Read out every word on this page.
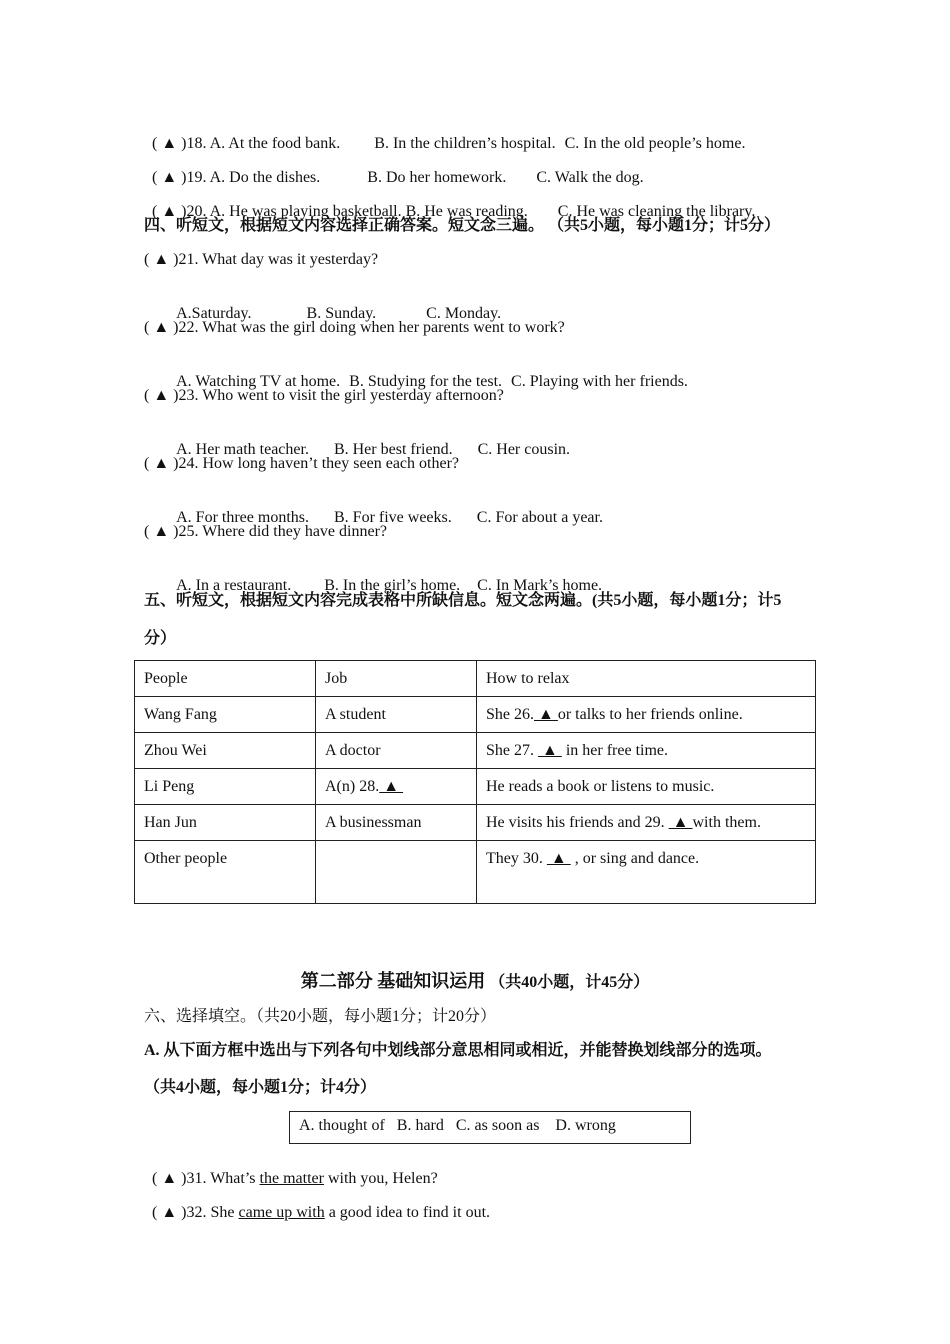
( ▲ )18. A. At the food bank. B. In the children’s hospital. C. In the old people’s home.

( ▲ )19. A. Do the dishes.	B. Do her homework. C. Walk the dog.

( ▲ )20. A. He was playing basketball. B. He was reading. C. He was cleaning the library.

四、听短文，根据短文内容选择正确答案。短文念三遍。 （共5小题，每小题1分；计5分）
( ▲ )21. What day was it yesterday?

A.Saturday.	B. Sunday.	C. Monday.

( ▲ )22. What was the girl doing when her parents went to work?

A. Watching TV at home. B. Studying for the test. C. Playing with her friends.

( ▲ )23. Who went to visit the girl yesterday afternoon?

A. Her math teacher. B. Her best friend. C. Her cousin.

( ▲ )24. How long haven’t they seen each other?

A. For three months. B. For five weeks. C. For about a year.

( ▲ )25. Where did they have dinner?

A. In a restaurant. B. In the girl’s home. C. In Mark’s home.

五、听短文，根据短文内容完成表格中所缺信息。短文念两遍。(共5小题，每小题1分；计5
分）
People	Job	How to relax
Wang Fang	A student	She 26. ▲ or talks to her friends online.
Zhou Wei	A doctor	She 27.  ▲  in her free time.
Li Peng	A(n) 28. ▲	He reads a book or listens to music.
Han Jun	A businessman	He visits his friends and 29.  ▲ with them.
Other people		They 30.  ▲  , or sing and dance.
第二部分 基础知识运用 （共40小题，计45分）
六、选择填空。（共20小题，每小题1分；计20分）
A. 从下面方框中选出与下列各句中划线部分意思相同或相近，并能替换划线部分的选项。
（共4小题，每小题1分；计4分）
A. thought of   B. hard   C. as soon as    D. wrong

( ▲ )31. What’s the matter with you, Helen?

( ▲ )32. She came up with a good idea to find it out.
